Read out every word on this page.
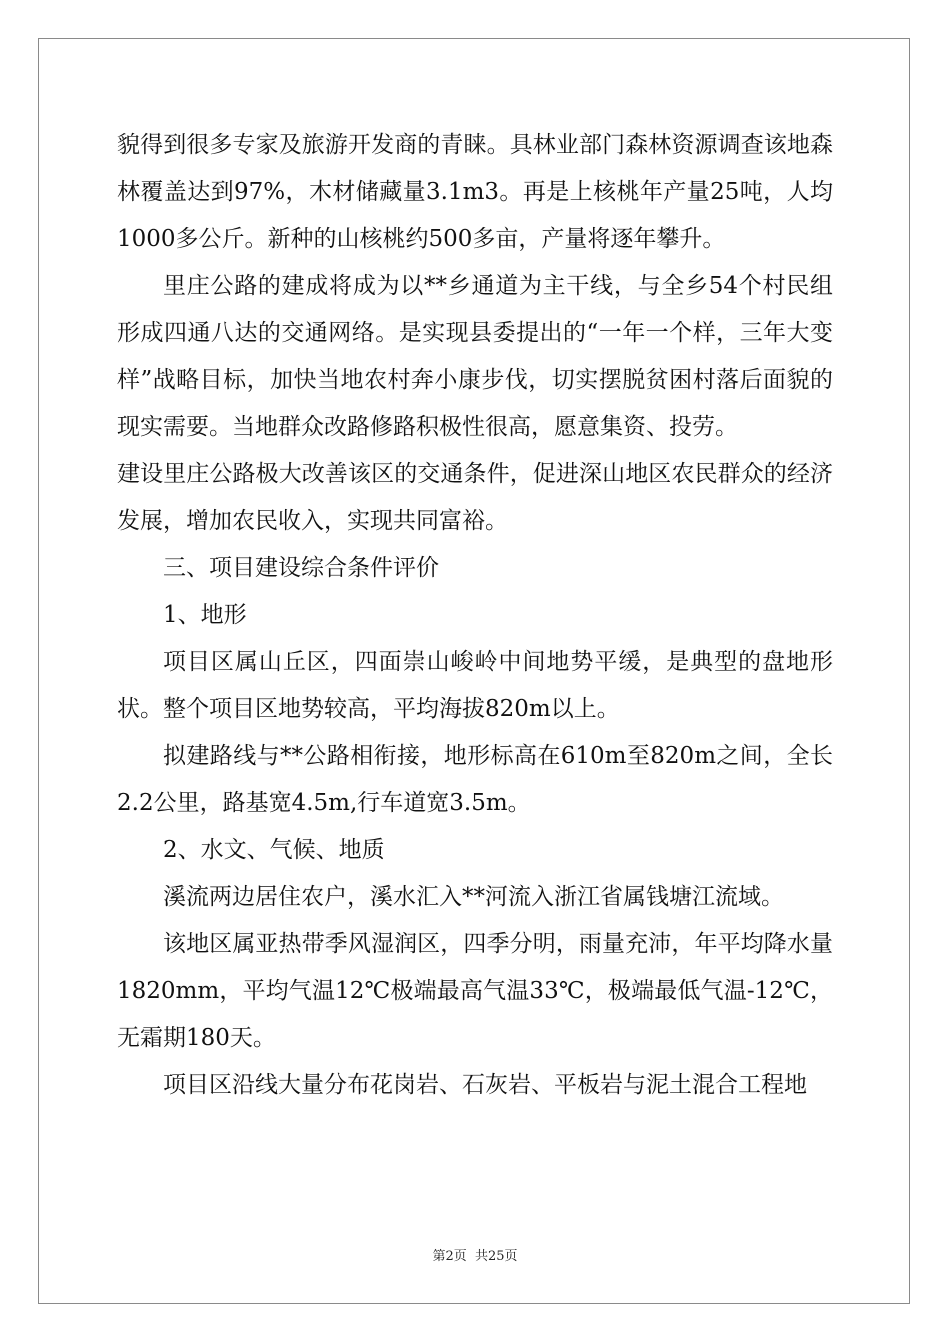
貌得到很多专家及旅游开发商的青睐。具林业部门森林资源调查该地森林覆盖达到97%，木材储藏量3.1m3。再是上核桃年产量25吨，人均1000多公斤。新种的山核桃约500多亩，产量将逐年攀升。

里庄公路的建成将成为以**乡通道为主干线，与全乡54个村民组形成四通八达的交通网络。是实现县委提出的“一年一个样，三年大变样”战略目标，加快当地农村奔小康步伐，切实摆脱贫困村落后面貌的现实需要。当地群众改路修路积极性很高，愿意集资、投劳。

建设里庄公路极大改善该区的交通条件，促进深山地区农民群众的经济发展，增加农民收入，实现共同富裕。

三、项目建设综合条件评价

1、地形

项目区属山丘区，四面崇山峻岭中间地势平缓，是典型的盘地形状。整个项目区地势较高，平均海拔820m以上。

拟建路线与**公路相衔接，地形标高在610m至820m之间，全长2.2公里，路基宽4.5m,行车道宽3.5m。

2、水文、气候、地质

溪流两边居住农户，溪水汇入**河流入浙江省属钱塘江流域。

该地区属亚热带季风湿润区，四季分明，雨量充沛，年平均降水量1820mm，平均气温12℃极端最高气温33℃，极端最低气温-12℃，无霜期180天。

项目区沿线大量分布花岗岩、石灰岩、平板岩与泥土混合工程地

第2页 共25页
